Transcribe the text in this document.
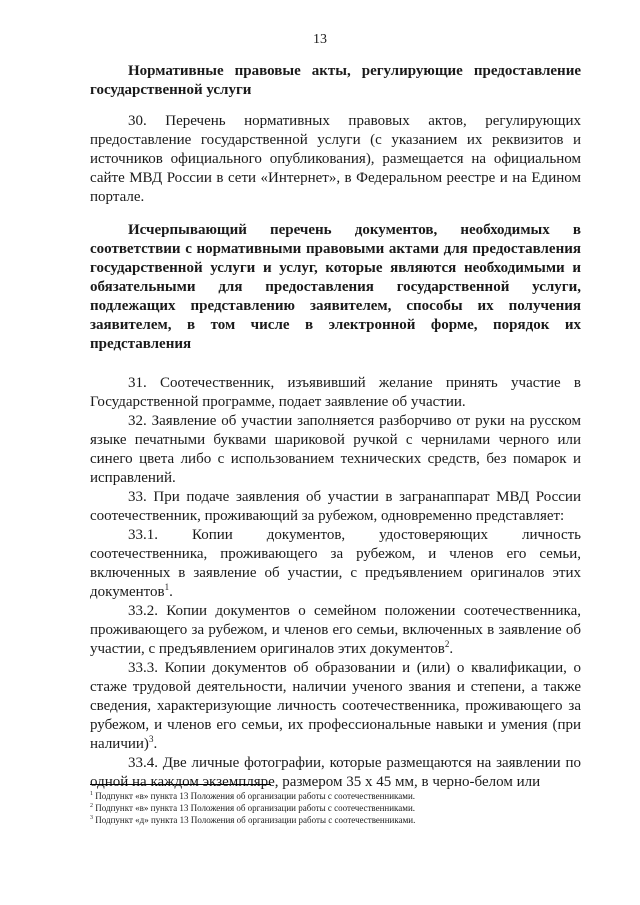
13

Нормативные правовые акты, регулирующие предоставление государственной услуги

30. Перечень нормативных правовых актов, регулирующих предоставление государственной услуги (с указанием их реквизитов и источников официального опубликования), размещается на официальном сайте МВД России в сети «Интернет», в Федеральном реестре и на Едином портале.

Исчерпывающий перечень документов, необходимых в соответствии с нормативными правовыми актами для предоставления государственной услуги и услуг, которые являются необходимыми и обязательными для предоставления государственной услуги, подлежащих представлению заявителем, способы их получения заявителем, в том числе в электронной форме, порядок их представления

31. Соотечественник, изъявивший желание принять участие в Государственной программе, подает заявление об участии.

32. Заявление об участии заполняется разборчиво от руки на русском языке печатными буквами шариковой ручкой с чернилами черного или синего цвета либо с использованием технических средств, без помарок и исправлений.

33. При подаче заявления об участии в загранаппарат МВД России соотечественник, проживающий за рубежом, одновременно представляет:

33.1. Копии документов, удостоверяющих личность соотечественника, проживающего за рубежом, и членов его семьи, включенных в заявление об участии, с предъявлением оригиналов этих документов$^1$.

33.2. Копии документов о семейном положении соотечественника, проживающего за рубежом, и членов его семьи, включенных в заявление об участии, с предъявлением оригиналов этих документов$^2$.

33.3. Копии документов об образовании и (или) о квалификации, о стаже трудовой деятельности, наличии ученого звания и степени, а также сведения, характеризующие личность соотечественника, проживающего за рубежом, и членов его семьи, их профессиональные навыки и умения (при наличии)$^3$.

33.4. Две личные фотографии, которые размещаются на заявлении по одной на каждом экземпляре, размером 35 х 45 мм, в черно-белом или

$^1$ Подпункт «в» пункта 13 Положения об организации работы с соотечественниками.

$^2$ Подпункт «в» пункта 13 Положения об организации работы с соотечественниками.

$^3$ Подпункт «д» пункта 13 Положения об организации работы с соотечественниками.
